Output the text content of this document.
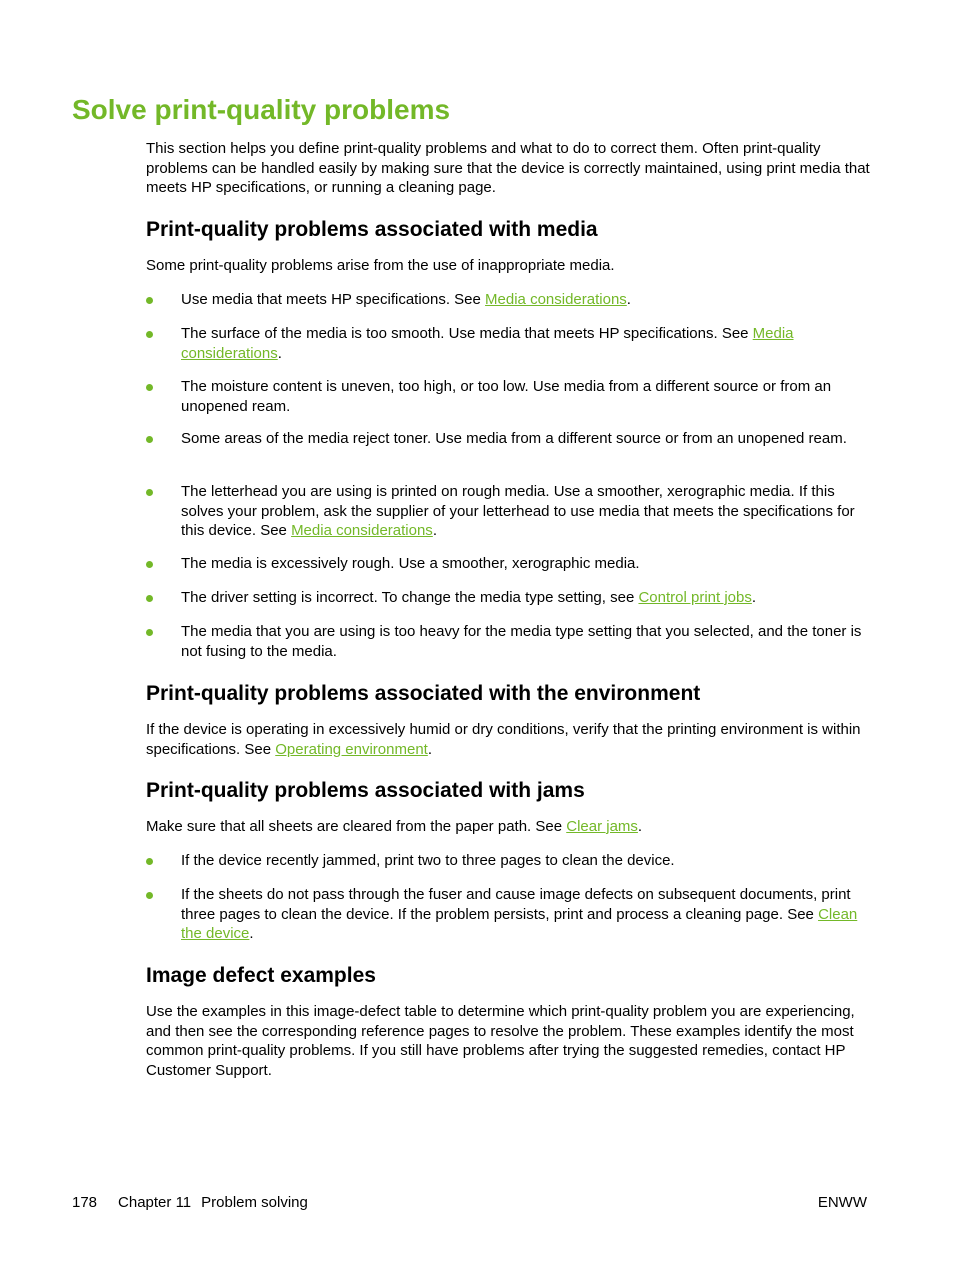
Solve print-quality problems

This section helps you define print-quality problems and what to do to correct them. Often print-quality problems can be handled easily by making sure that the device is correctly maintained, using print media that meets HP specifications, or running a cleaning page.

Print-quality problems associated with media

Some print-quality problems arise from the use of inappropriate media.

Use media that meets HP specifications. See Media considerations.
The surface of the media is too smooth. Use media that meets HP specifications. See Media considerations.
The moisture content is uneven, too high, or too low. Use media from a different source or from an unopened ream.
Some areas of the media reject toner. Use media from a different source or from an unopened ream.
The letterhead you are using is printed on rough media. Use a smoother, xerographic media. If this solves your problem, ask the supplier of your letterhead to use media that meets the specifications for this device. See Media considerations.
The media is excessively rough. Use a smoother, xerographic media.
The driver setting is incorrect. To change the media type setting, see Control print jobs.
The media that you are using is too heavy for the media type setting that you selected, and the toner is not fusing to the media.
Print-quality problems associated with the environment

If the device is operating in excessively humid or dry conditions, verify that the printing environment is within specifications. See Operating environment.

Print-quality problems associated with jams

Make sure that all sheets are cleared from the paper path. See Clear jams.

If the device recently jammed, print two to three pages to clean the device.
If the sheets do not pass through the fuser and cause image defects on subsequent documents, print three pages to clean the device. If the problem persists, print and process a cleaning page. See Clean the device.
Image defect examples

Use the examples in this image-defect table to determine which print-quality problem you are experiencing, and then see the corresponding reference pages to resolve the problem. These examples identify the most common print-quality problems. If you still have problems after trying the suggested remedies, contact HP Customer Support.

178 Chapter 11 Problem solving	ENWW
